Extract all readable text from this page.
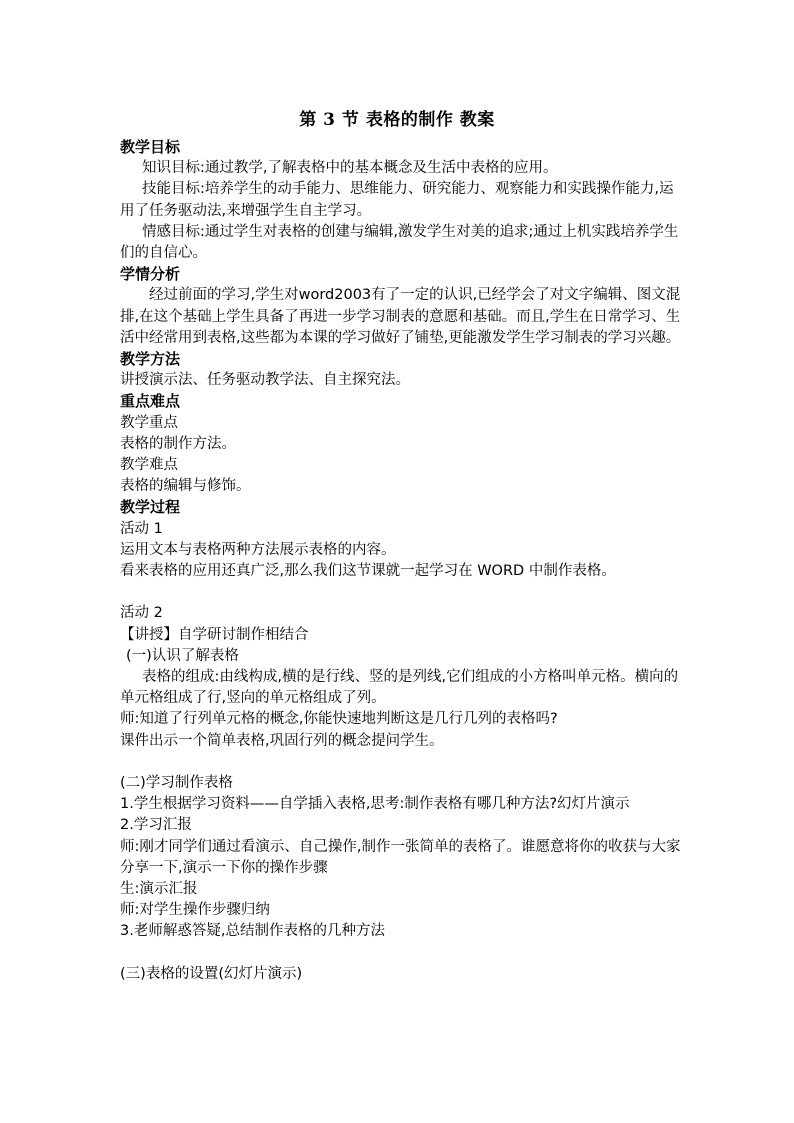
第 3 节 表格的制作 教案

教学目标

知识目标:通过教学,了解表格中的基本概念及生活中表格的应用。

技能目标:培养学生的动手能力、思维能力、研究能力、观察能力和实践操作能力,运用了任务驱动法,来增强学生自主学习。

情感目标:通过学生对表格的创建与编辑,激发学生对美的追求;通过上机实践培养学生们的自信心。

学情分析

经过前面的学习,学生对word2003有了一定的认识,已经学会了对文字编辑、图文混排,在这个基础上学生具备了再进一步学习制表的意愿和基础。而且,学生在日常学习、生活中经常用到表格,这些都为本课的学习做好了铺垫,更能激发学生学习制表的学习兴趣。

教学方法

讲授演示法、任务驱动教学法、自主探究法。

重点难点

教学重点

表格的制作方法。

教学难点

表格的编辑与修饰。

教学过程

活动 1

运用文本与表格两种方法展示表格的内容。

看来表格的应用还真广泛,那么我们这节课就一起学习在 WORD 中制作表格。

活动 2

【讲授】自学研讨制作相结合

(一)认识了解表格

表格的组成:由线构成,横的是行线、竖的是列线,它们组成的小方格叫单元格。横向的单元格组成了行,竖向的单元格组成了列。

师:知道了行列单元格的概念,你能快速地判断这是几行几列的表格吗?

课件出示一个简单表格,巩固行列的概念提问学生。

(二)学习制作表格

1.学生根据学习资料——自学插入表格,思考:制作表格有哪几种方法?幻灯片演示

2.学习汇报

师:刚才同学们通过看演示、自己操作,制作一张简单的表格了。谁愿意将你的收获与大家分享一下,演示一下你的操作步骤

生:演示汇报

师:对学生操作步骤归纳

3.老师解惑答疑,总结制作表格的几种方法

(三)表格的设置(幻灯片演示)
